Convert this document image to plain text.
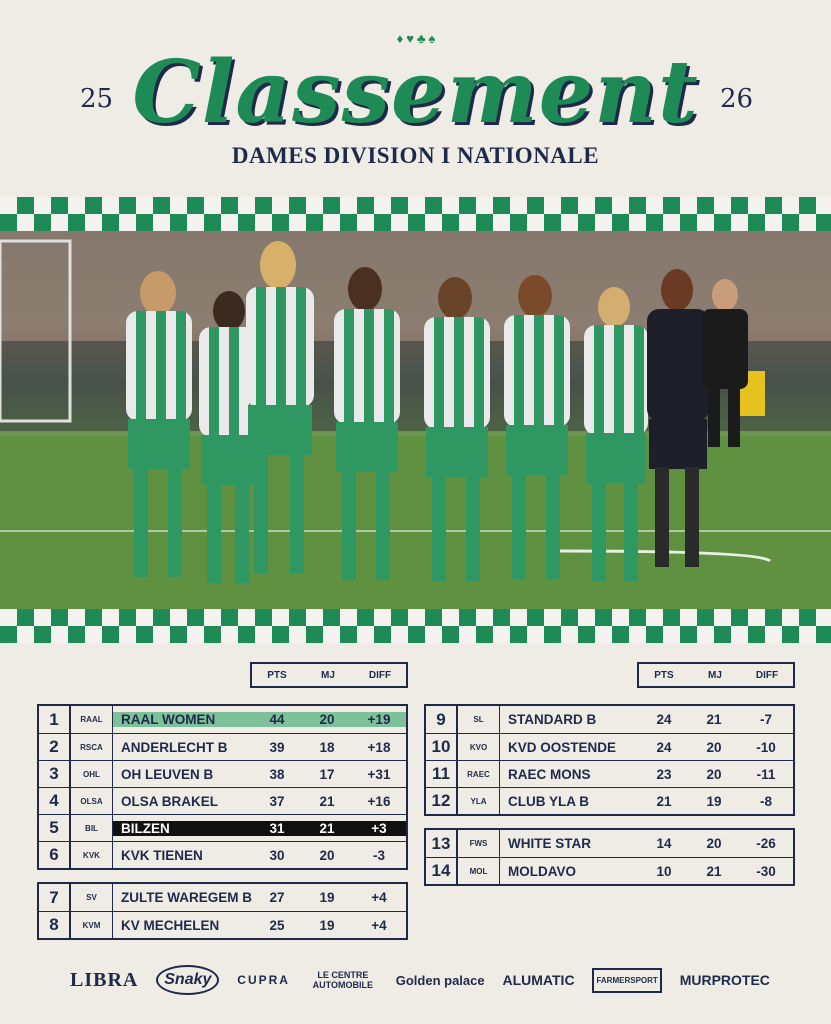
♦ ♥ ♣ ♠
25	26
Classement
DAMES DIVISION I NATIONALE
PTS	MJ	DIFF
1	RAAL	RAAL WOMEN	44	20	+19
2	RSCA	ANDERLECHT B	39	18	+18
3	OHL	OH LEUVEN B	38	17	+31
4	OLSA	OLSA BRAKEL	37	21	+16
5	BIL	BILZEN	31	21	+3
6	KVK	KVK TIENEN	30	20	-3
7	SV	ZULTE WAREGEM B	27	19	+4
8	KVM	KV MECHELEN	25	19	+4
PTS	MJ	DIFF
9	SL	STANDARD B	24	21	-7
10	KVO	KVD OOSTENDE	24	20	-10
11	RAEC	RAEC MONS	23	20	-11
12	YLA	CLUB YLA B	21	19	-8
13	FWS	WHITE STAR	14	20	-26
14	MOL	MOLDAVO	10	21	-30
LIBRA	Snaky	CUPRA	LE CENTRE AUTOMOBILE	Golden palace ALUMATIC	FARMERSPORT MURPROTEC
